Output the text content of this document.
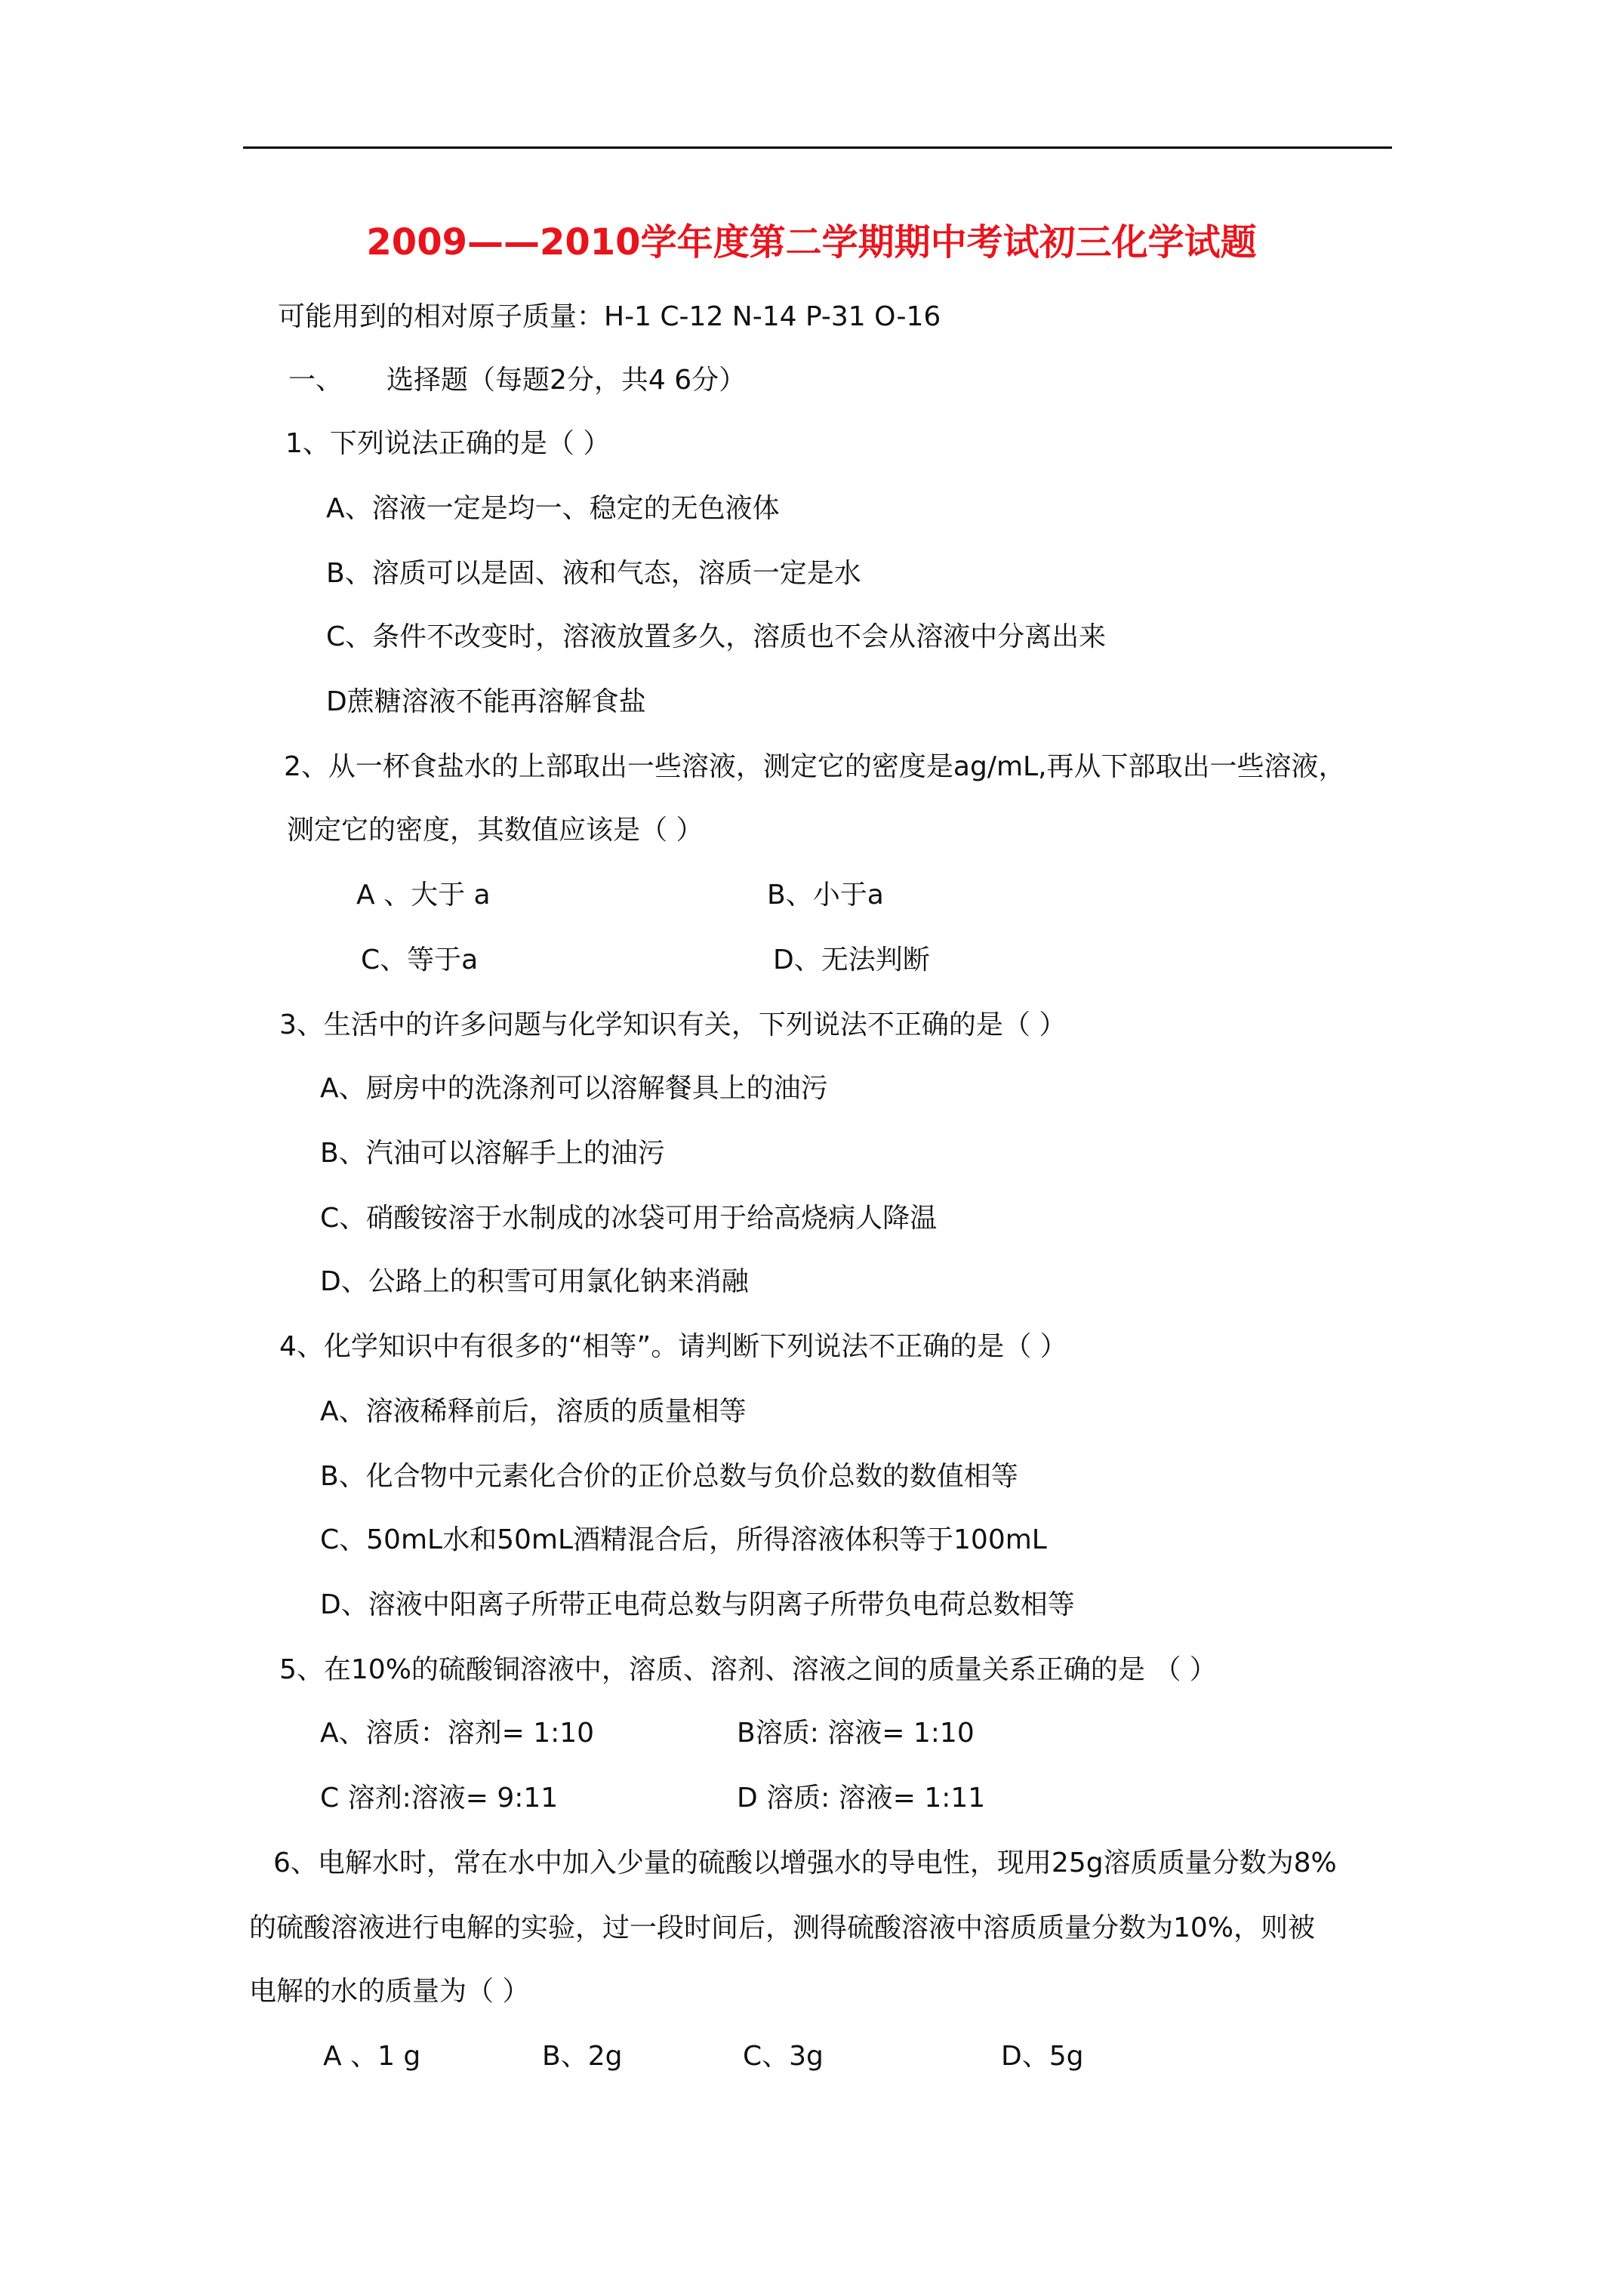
2009——2010学年度第二学期期中考试初三化学试题
可能用到的相对原子质量：H-1 C-12 N-14 P-31 O-16
一、 选择题（每题2分，共4 6分）
1、下列说法正确的是（ ）
A、溶液一定是均一、稳定的无色液体
B、溶质可以是固、液和气态，溶质一定是水
C、条件不改变时，溶液放置多久，溶质也不会从溶液中分离出来
D蔗糖溶液不能再溶解食盐
2、从一杯食盐水的上部取出一些溶液，测定它的密度是ag/mL,再从下部取出一些溶液，
测定它的密度，其数值应该是（ ）
A 、大于 a	B、小于a
C、等于a	D、无法判断
3、生活中的许多问题与化学知识有关，下列说法不正确的是（ ）
A、厨房中的洗涤剂可以溶解餐具上的油污
B、汽油可以溶解手上的油污
C、硝酸铵溶于水制成的冰袋可用于给高烧病人降温
D、公路上的积雪可用氯化钠来消融
4、化学知识中有很多的“相等”。请判断下列说法不正确的是（ ）
A、溶液稀释前后，溶质的质量相等
B、化合物中元素化合价的正价总数与负价总数的数值相等
C、50mL水和50mL酒精混合后，所得溶液体积等于100mL
D、溶液中阳离子所带正电荷总数与阴离子所带负电荷总数相等
5、在10%的硫酸铜溶液中，溶质、溶剂、溶液之间的质量关系正确的是 （ ）
A、溶质：溶剂= 1:10	B溶质: 溶液= 1:10
C 溶剂:溶液= 9:11	D 溶质: 溶液= 1:11
6、电解水时，常在水中加入少量的硫酸以增强水的导电性，现用25g溶质质量分数为8%
的硫酸溶液进行电解的实验，过一段时间后，测得硫酸溶液中溶质质量分数为10%，则被
电解的水的质量为（ ）
A 、1 g	B、2g	C、3g	D、5g
